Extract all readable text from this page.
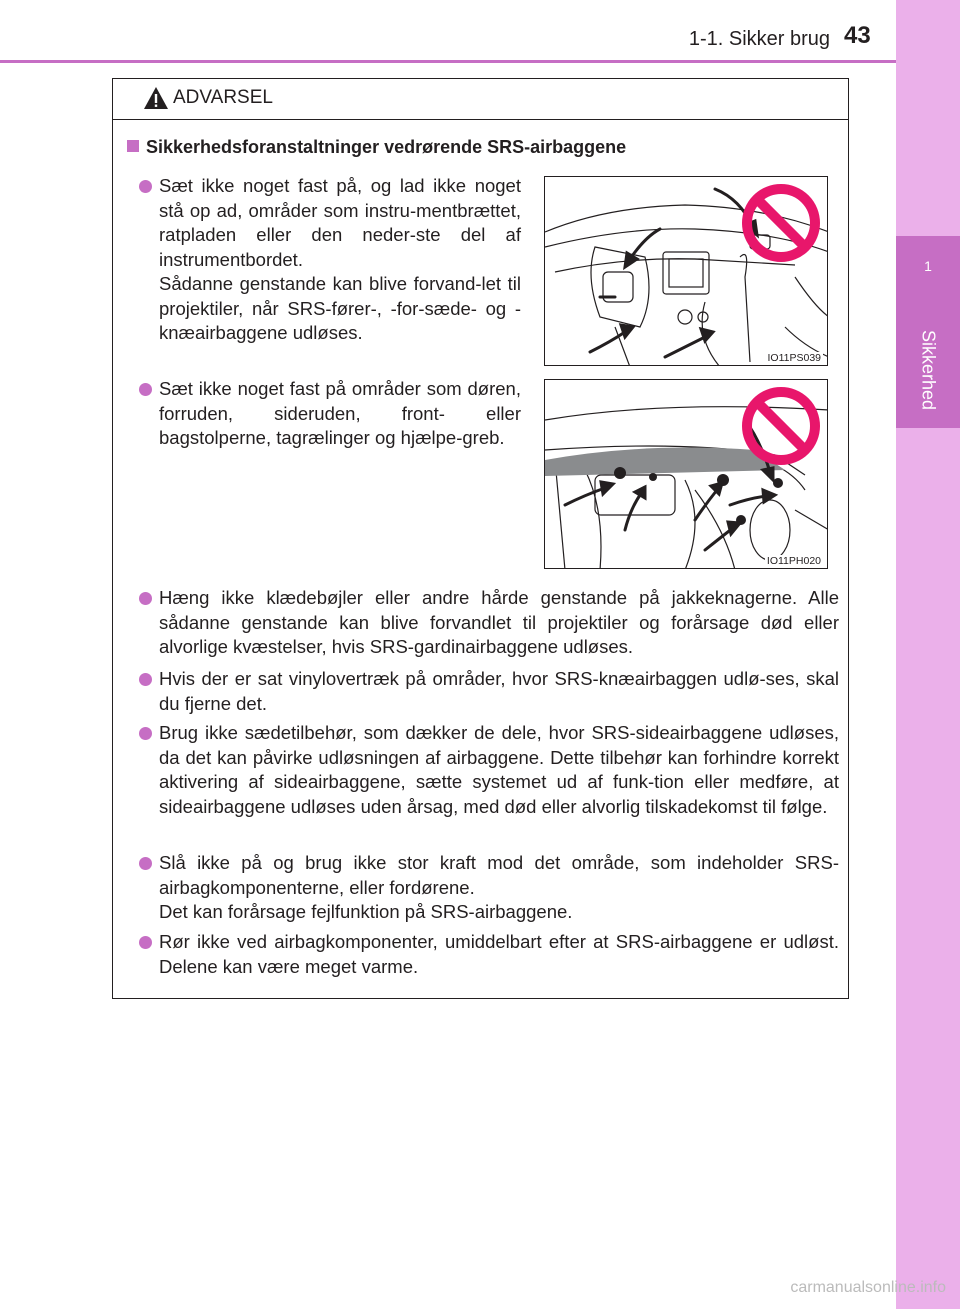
1
Sikkerhed
1-1. Sikker brug 43
ADVARSEL
Sikkerhedsforanstaltninger vedrørende SRS-airbaggene

Sæt ikke noget fast på, og lad ikke noget stå op ad, områder som instru-mentbrættet, ratpladen eller den neder-ste del af instrumentbordet.

Sådanne genstande kan blive forvand-let til projektiler, når SRS-fører-, -for-sæde- og -knæairbaggene udløses.

IO11PS039

Sæt ikke noget fast på områder som døren, forruden, sideruden, front- eller bagstolperne, tagrælinger og hjælpe-greb.

IO11PH020

Hæng ikke klædebøjler eller andre hårde genstande på jakkeknagerne. Alle sådanne genstande kan blive forvandlet til projektiler og forårsage død eller alvorlige kvæstelser, hvis SRS-gardinairbaggene udløses.

Hvis der er sat vinylovertræk på områder, hvor SRS-knæairbaggen udlø-ses, skal du fjerne det.

Brug ikke sædetilbehør, som dækker de dele, hvor SRS-sideairbaggene udløses, da det kan påvirke udløsningen af airbaggene. Dette tilbehør kan forhindre korrekt aktivering af sideairbaggene, sætte systemet ud af funk-tion eller medføre, at sideairbaggene udløses uden årsag, med død eller alvorlig tilskadekomst til følge.

Slå ikke på og brug ikke stor kraft mod det område, som indeholder SRS-airbagkomponenterne, eller fordørene.

Det kan forårsage fejlfunktion på SRS-airbaggene.

Rør ikke ved airbagkomponenter, umiddelbart efter at SRS-airbaggene er udløst. Delene kan være meget varme.

carmanualsonline.info
